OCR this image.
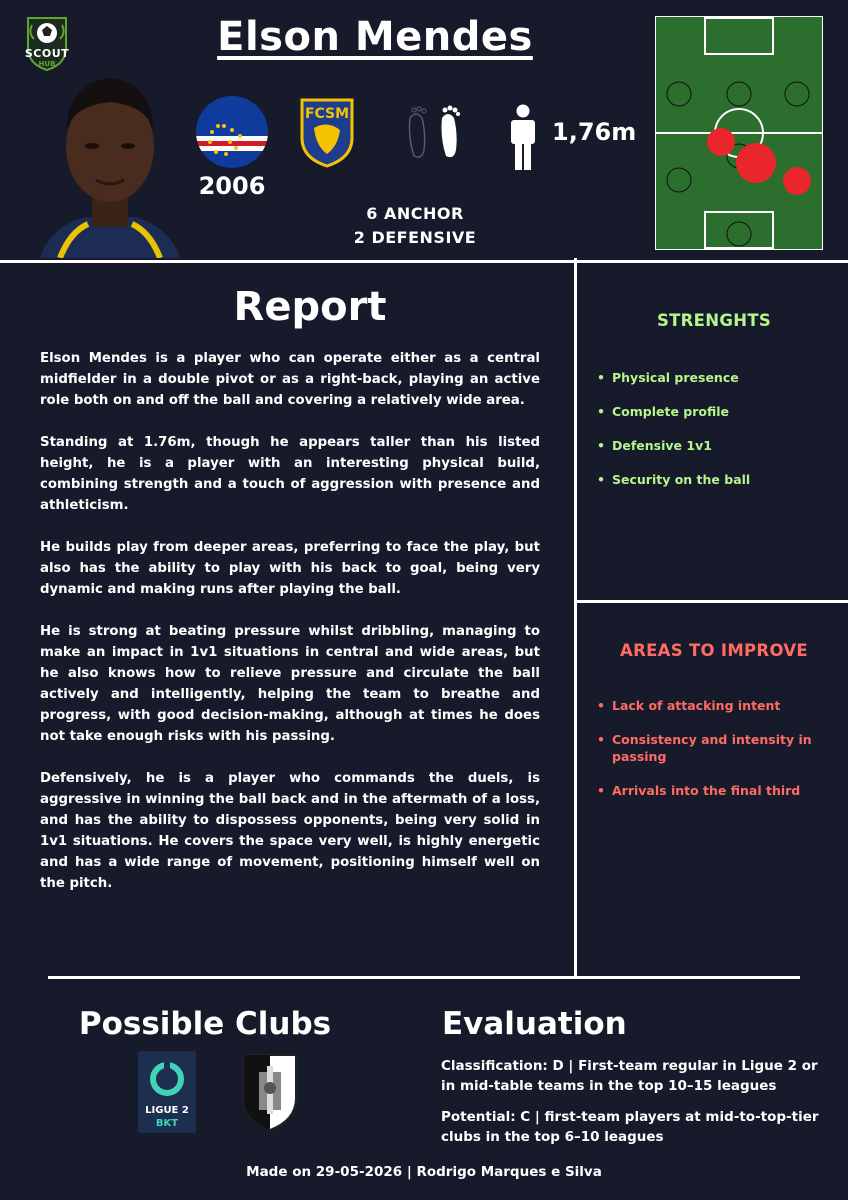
SCOUT
HUB
Elson Mendes
2006
FCSM
1,76m
6 ANCHOR
2 DEFENSIVE
Report

Elson Mendes is a player who can operate either as a central midfielder in a double pivot or as a right-back, playing an active role both on and off the ball and covering a relatively wide area.

Standing at 1.76m, though he appears taller than his listed height, he is a player with an interesting physical build, combining strength and a touch of aggression with presence and athleticism.

He builds play from deeper areas, preferring to face the play, but also has the ability to play with his back to goal, being very dynamic and making runs after playing the ball.

He is strong at beating pressure whilst dribbling, managing to make an impact in 1v1 situations in central and wide areas, but he also knows how to relieve pressure and circulate the ball actively and intelligently, helping the team to breathe and progress, with good decision-making, although at times he does not take enough risks with his passing.

Defensively, he is a player who commands the duels, is aggressive in winning the ball back and in the aftermath of a loss, and has the ability to dispossess opponents, being very solid in 1v1 situations. He covers the space very well, is highly energetic and has a wide range of movement, positioning himself well on the pitch.

STRENGHTS
• Physical presence
• Complete profile
• Defensive 1v1
• Security on the ball
AREAS TO IMPROVE
• Lack of attacking intent
• Consistency and intensity in passing
• Arrivals into the final third
Possible Clubs
LIGUE 2
BKT
Evaluation
Classification: D | First-team regular in Ligue 2 or in mid-table teams in the top 10–15 leagues
Potential: C | first-team players at mid-to-top-tier clubs in the top 6–10 leagues
Made on 29-05-2026 | Rodrigo Marques e Silva
